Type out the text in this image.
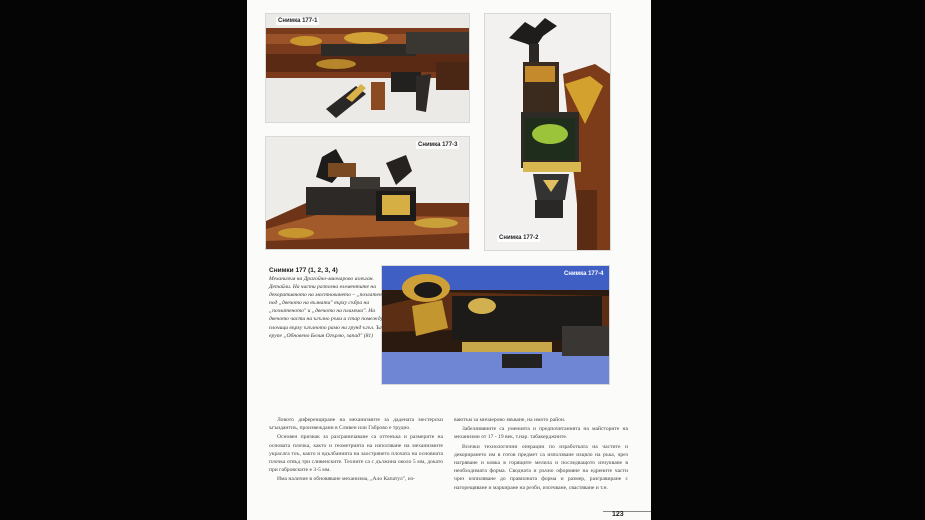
Снимка 177-1
Снимка 177-2
Снимка 177-3
Снимка 177-4
Снимки 177 (1, 2, 3, 4)

Механизъм на Драгойчо-миочарово излъган. Детайли. На части разпозна елементите на декоративното на мостноването – „позлатено" под „двечото на вълната" върху събра на „позлатеното" и „двечото на пламъка". На двечото части на ъгълно ръки и стар помежду плочици върху ъгълното рамо на грунд ъгъл. Ъгъл ерупе „Обновено Белия Огърлю, запад" (81)

Ловото дифереициране на механизмите за дадената местерски ъгъндантиъ, произвеждани в Сливен или Габрово е трудно.

Основен признак за разграничаване са оттенъка и размерите на основата плочка, както и геометрията на използване на механизмите украсата тоъ, както и вдълбанията на заострянето плочата на основната плочка отвъд три сливенските. Техните са с дължина около 5 мм, докато при габровските е 3-5 мм.

Има наличие в обновяване механизма, „Ало Капатул", из-

ваютъм за мичаерово звъване, на имото район.

Забелязвяните са уменията и предпочитанията на майсторите на механизми от 17 - 19 век, т.нар. табакерджиите.

Всички технологични операции по изработката на частите и декорирането им в готов предмет са използване изцяло на ръка, чрез нагряване и ковка в горящите мелила и последващото изчукване в необходимата форма. Сводната и ръчно оформяне на едрените части чрез изпиляване до правилната форма и размер, разгравиране с нагорещяване и маркиране на резби, изсечване, свастяване и т.н.

123
